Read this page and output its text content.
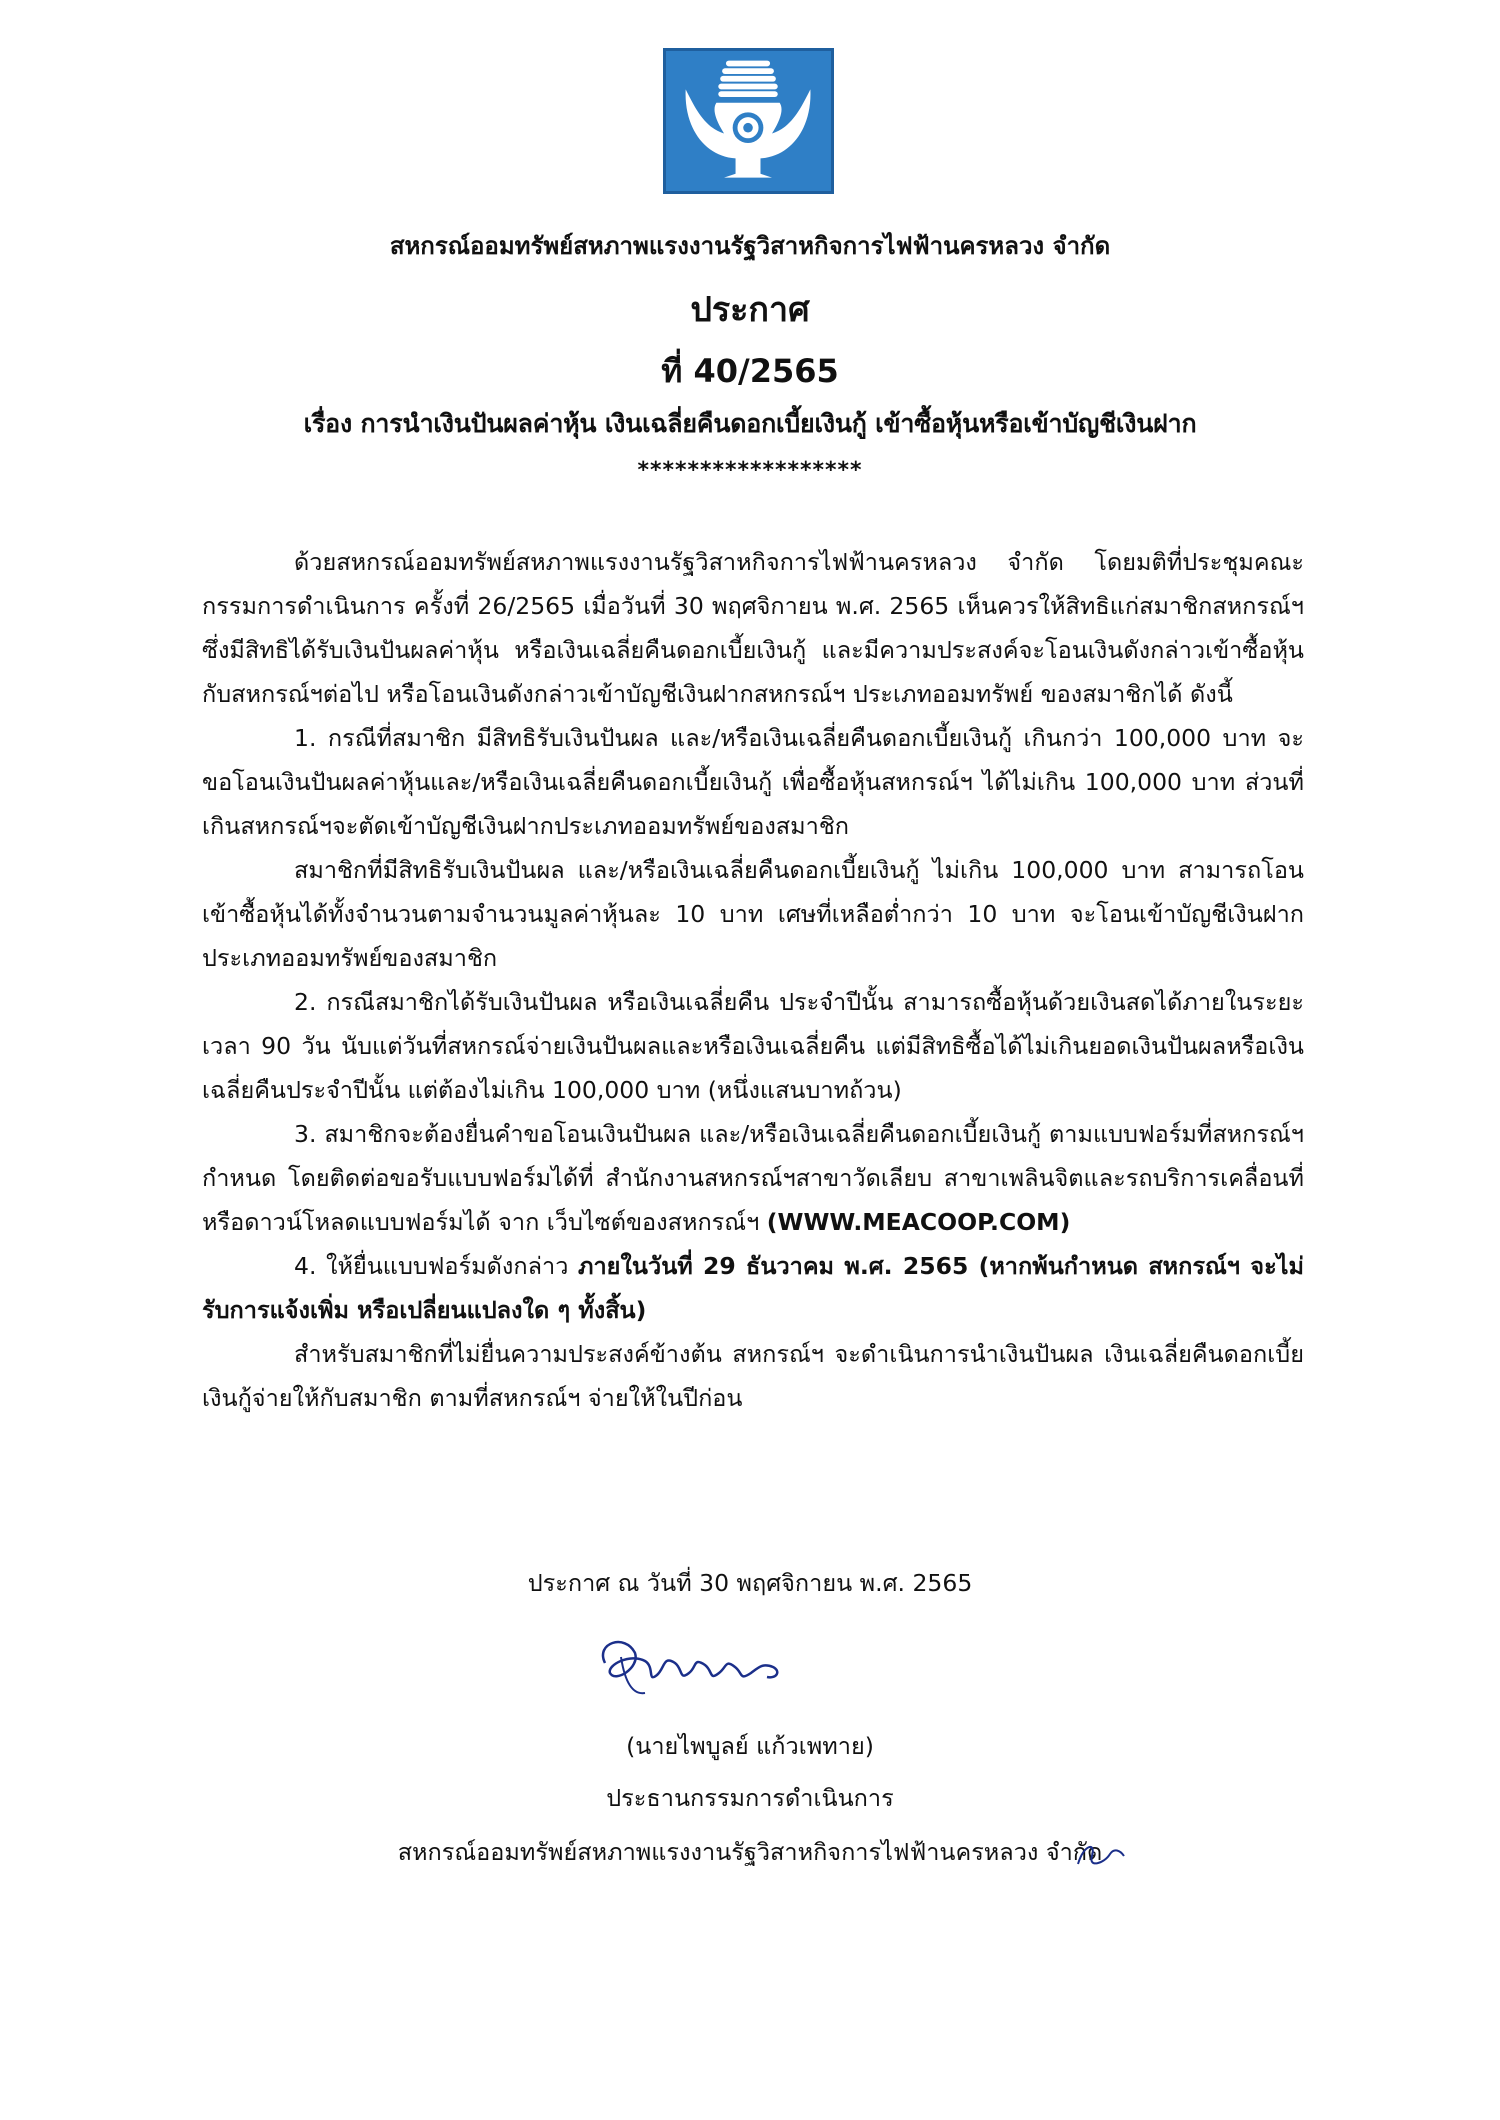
สหกรณ์ออมทรัพย์สหภาพแรงงานรัฐวิสาหกิจการไฟฟ้านครหลวง จำกัด
ประกาศ
ที่ 40/2565
เรื่อง การนำเงินปันผลค่าหุ้น เงินเฉลี่ยคืนดอกเบี้ยเงินกู้ เข้าซื้อหุ้นหรือเข้าบัญชีเงินฝาก
******************

ด้วยสหกรณ์ออมทรัพย์สหภาพแรงงานรัฐวิสาหกิจการไฟฟ้านครหลวง จำกัด โดยมติที่ประชุมคณะกรรมการดำเนินการ ครั้งที่ 26/2565 เมื่อวันที่ 30 พฤศจิกายน พ.ศ. 2565 เห็นควรให้สิทธิแก่สมาชิกสหกรณ์ฯ ซึ่งมีสิทธิได้รับเงินปันผลค่าหุ้น หรือเงินเฉลี่ยคืนดอกเบี้ยเงินกู้ และมีความประสงค์จะโอนเงินดังกล่าวเข้าซื้อหุ้นกับสหกรณ์ฯต่อไป หรือโอนเงินดังกล่าวเข้าบัญชีเงินฝากสหกรณ์ฯ ประเภทออมทรัพย์ ของสมาชิกได้ ดังนี้

1. กรณีที่สมาชิก มีสิทธิรับเงินปันผล และ/หรือเงินเฉลี่ยคืนดอกเบี้ยเงินกู้ เกินกว่า 100,000 บาท จะขอโอนเงินปันผลค่าหุ้นและ/หรือเงินเฉลี่ยคืนดอกเบี้ยเงินกู้ เพื่อซื้อหุ้นสหกรณ์ฯ ได้ไม่เกิน 100,000 บาท ส่วนที่เกินสหกรณ์ฯจะตัดเข้าบัญชีเงินฝากประเภทออมทรัพย์ของสมาชิก

สมาชิกที่มีสิทธิรับเงินปันผล และ/หรือเงินเฉลี่ยคืนดอกเบี้ยเงินกู้ ไม่เกิน 100,000 บาท สามารถโอนเข้าซื้อหุ้นได้ทั้งจำนวนตามจำนวนมูลค่าหุ้นละ 10 บาท เศษที่เหลือต่ำกว่า 10 บาท จะโอนเข้าบัญชีเงินฝากประเภทออมทรัพย์ของสมาชิก

2. กรณีสมาชิกได้รับเงินปันผล หรือเงินเฉลี่ยคืน ประจำปีนั้น สามารถซื้อหุ้นด้วยเงินสดได้ภายในระยะเวลา 90 วัน นับแต่วันที่สหกรณ์จ่ายเงินปันผลและหรือเงินเฉลี่ยคืน แต่มีสิทธิซื้อได้ไม่เกินยอดเงินปันผลหรือเงินเฉลี่ยคืนประจำปีนั้น แต่ต้องไม่เกิน 100,000 บาท (หนึ่งแสนบาทถ้วน)

3. สมาชิกจะต้องยื่นคำขอโอนเงินปันผล และ/หรือเงินเฉลี่ยคืนดอกเบี้ยเงินกู้ ตามแบบฟอร์มที่สหกรณ์ฯ กำหนด โดยติดต่อขอรับแบบฟอร์มได้ที่ สำนักงานสหกรณ์ฯสาขาวัดเลียบ สาขาเพลินจิตและรถบริการเคลื่อนที่ หรือดาวน์โหลดแบบฟอร์มได้ จาก เว็บไซต์ของสหกรณ์ฯ (WWW.MEACOOP.COM)

4. ให้ยื่นแบบฟอร์มดังกล่าว ภายในวันที่ 29 ธันวาคม พ.ศ. 2565 (หากพ้นกำหนด สหกรณ์ฯ จะไม่รับการแจ้งเพิ่ม หรือเปลี่ยนแปลงใด ๆ ทั้งสิ้น)

สำหรับสมาชิกที่ไม่ยื่นความประสงค์ข้างต้น สหกรณ์ฯ จะดำเนินการนำเงินปันผล เงินเฉลี่ยคืนดอกเบี้ยเงินกู้จ่ายให้กับสมาชิก ตามที่สหกรณ์ฯ จ่ายให้ในปีก่อน

ประกาศ ณ วันที่ 30 พฤศจิกายน พ.ศ. 2565
(นายไพบูลย์ แก้วเพทาย)
ประธานกรรมการดำเนินการ
สหกรณ์ออมทรัพย์สหภาพแรงงานรัฐวิสาหกิจการไฟฟ้านครหลวง จำกัด
